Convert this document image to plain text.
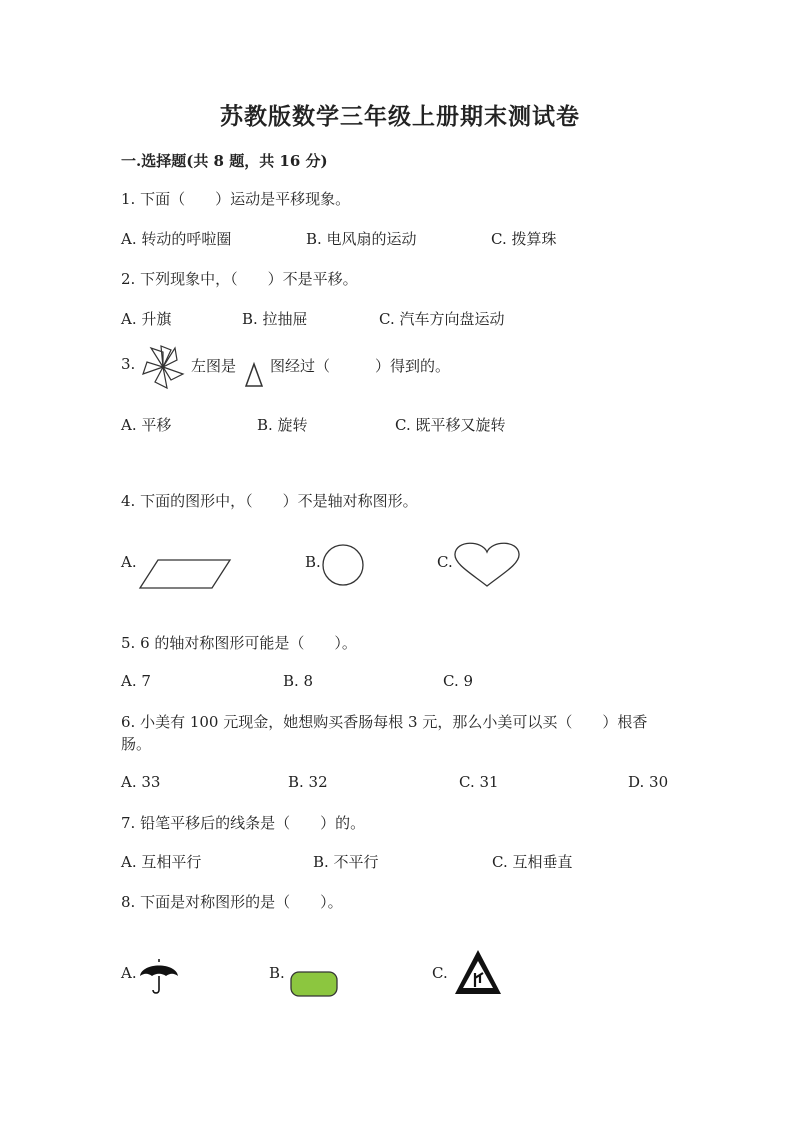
苏教版数学三年级上册期末测试卷
一.选择题(共 8 题，共 16 分)
1. 下面（　　）运动是平移现象。
A. 转动的呼啦圈	B. 电风扇的运动	C. 拨算珠
2. 下列现象中，（　　）不是平移。
A. 升旗	B. 拉抽屉	C. 汽车方向盘运动
3.	左图是 图经过（　　　）得到的。
A. 平移	B. 旋转	C. 既平移又旋转
4. 下面的图形中，（　　）不是轴对称图形。
A.	B.	C.
5. 6 的轴对称图形可能是（　　）。
A. 7	B. 8	C. 9
6. 小美有 100 元现金，她想购买香肠每根 3 元，那么小美可以买（　　）根香
肠。
A. 33	B. 32	C. 31	D. 30
7. 铅笔平移后的线条是（　　）的。
A. 互相平行	B. 不平行	C. 互相垂直
8. 下面是对称图形的是（　　）。
A.	B.	C.
